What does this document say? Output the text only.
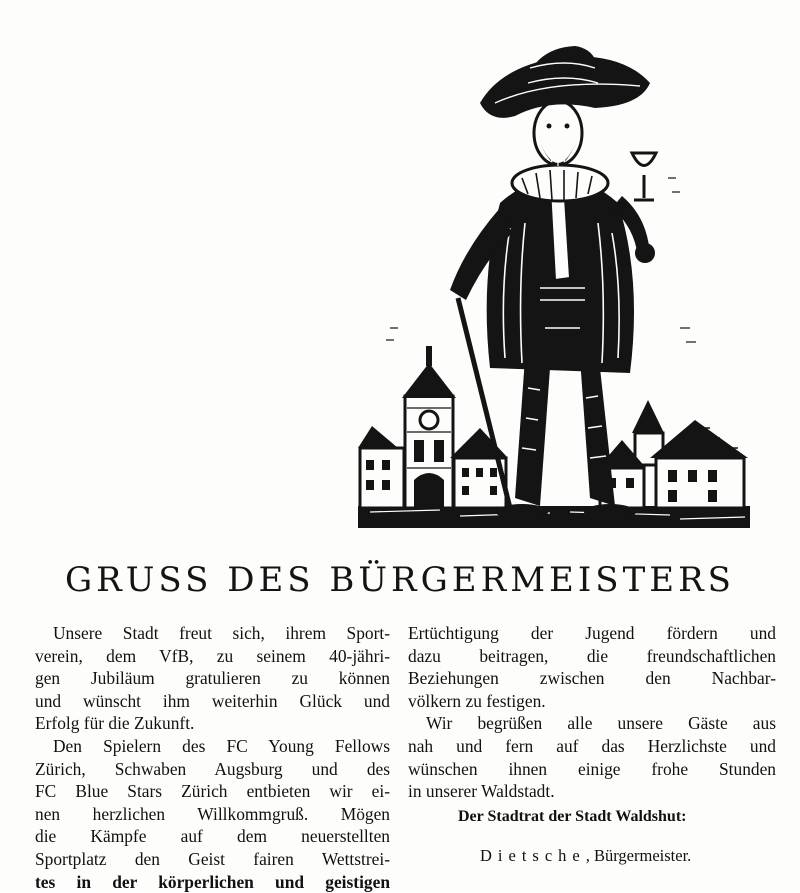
GRUSS DES BÜRGERMEISTERS
Unsere Stadt freut sich, ihrem Sport-
verein, dem VfB, zu seinem 40-jähri-
gen Jubiläum gratulieren zu können
und wünscht ihm weiterhin Glück und
Erfolg für die Zukunft.
Den Spielern des FC Young Fellows
Zürich, Schwaben Augsburg und des
FC Blue Stars Zürich entbieten wir ei-
nen herzlichen Willkommgruß. Mögen
die Kämpfe auf dem neuerstellten
Sportplatz den Geist fairen Wettstrei-
tes in der körperlichen und geistigen
Ertüchtigung der Jugend fördern und
dazu beitragen, die freundschaftlichen
Beziehungen zwischen den Nachbar-
völkern zu festigen.
Wir begrüßen alle unsere Gäste aus
nah und fern auf das Herzlichste und
wünschen ihnen einige frohe Stunden
in unserer Waldstadt.
Der Stadtrat der Stadt Waldshut:
Dietsche, Bürgermeister.
